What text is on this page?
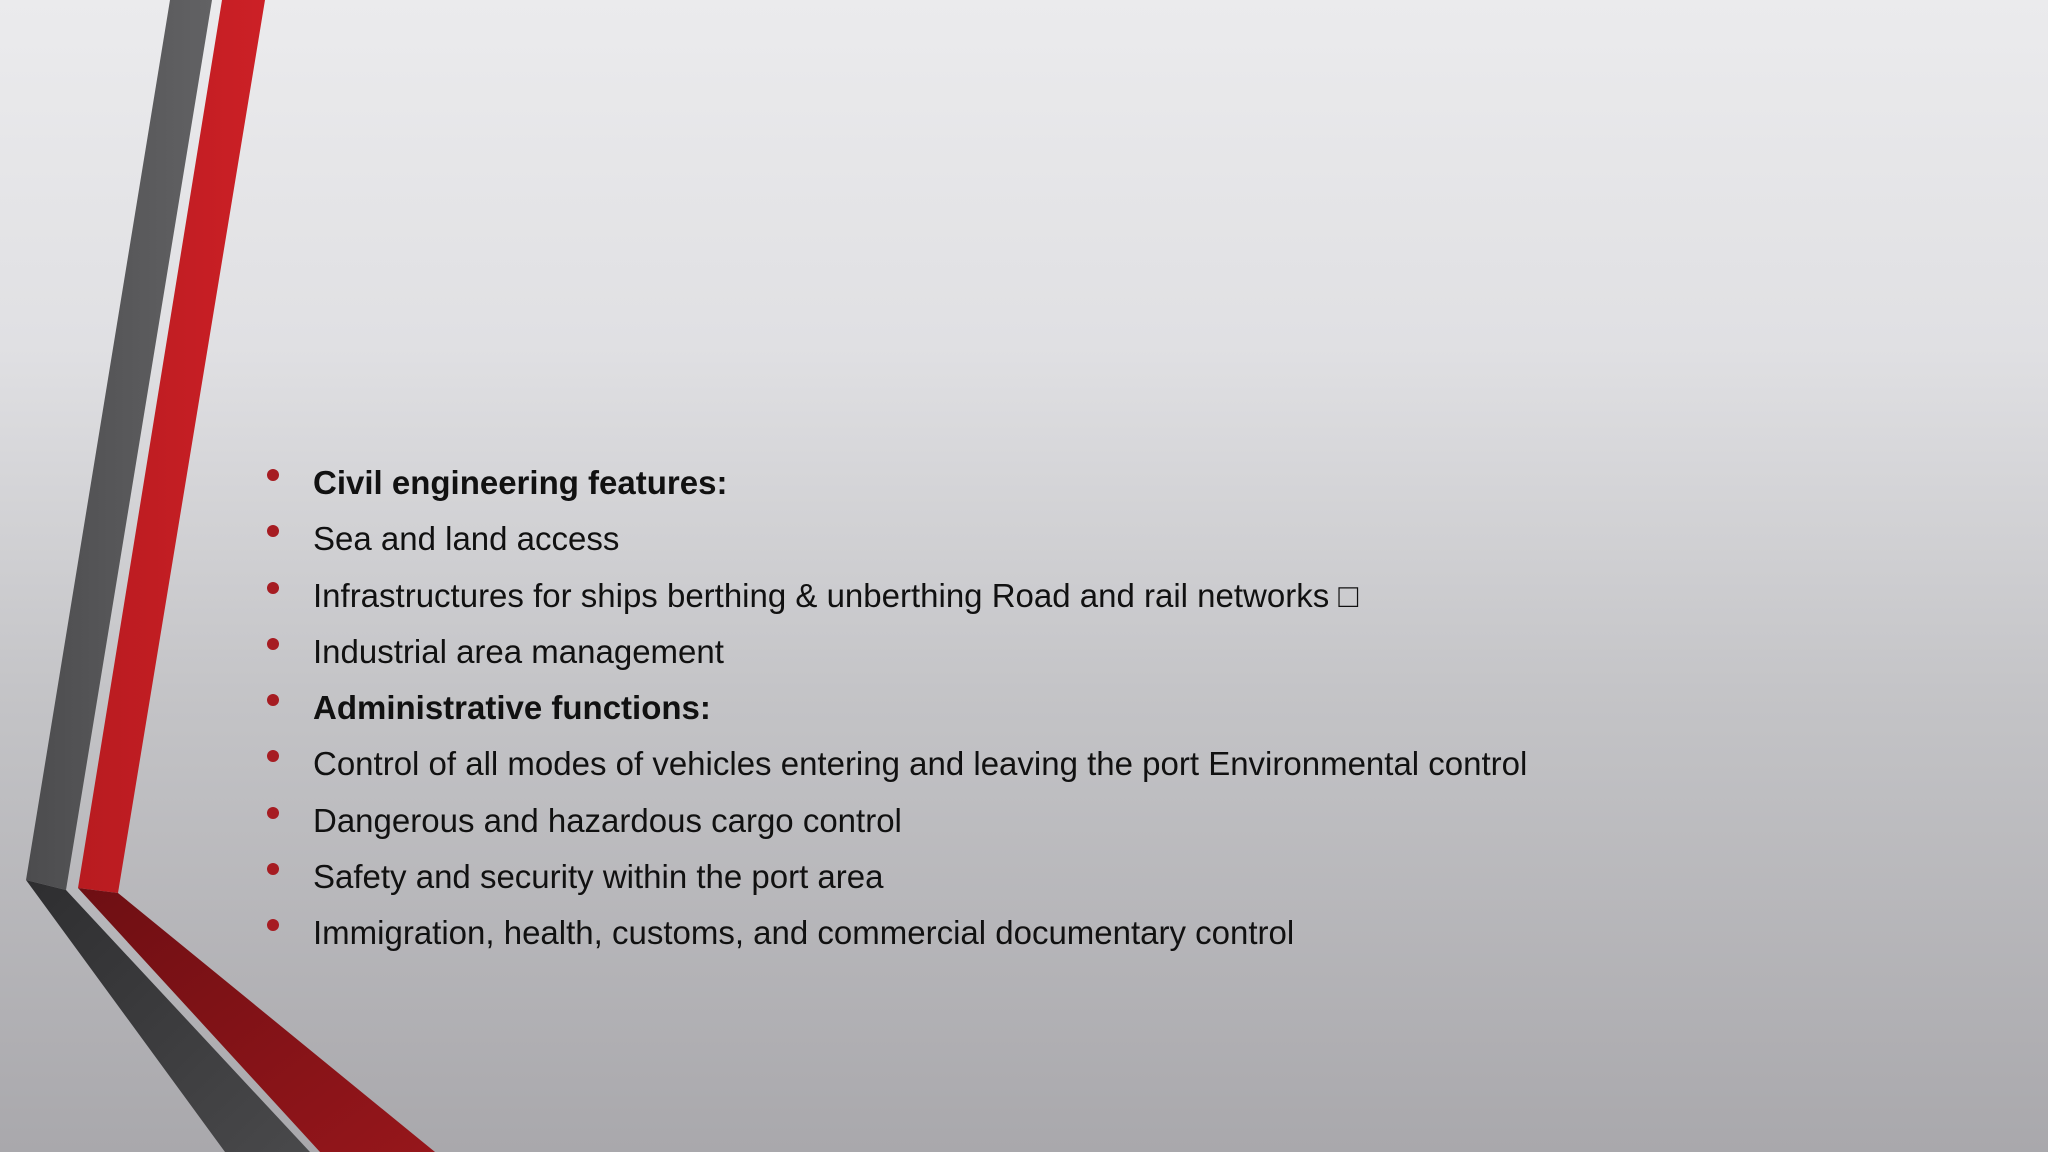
Civil engineering features:
Sea and land access
Infrastructures for ships berthing & unberthing Road and rail networks □
Industrial area management
Administrative functions:
Control of all modes of vehicles entering and leaving the port Environmental control
Dangerous and hazardous cargo control
Safety and security within the port area
Immigration, health, customs, and commercial documentary control
